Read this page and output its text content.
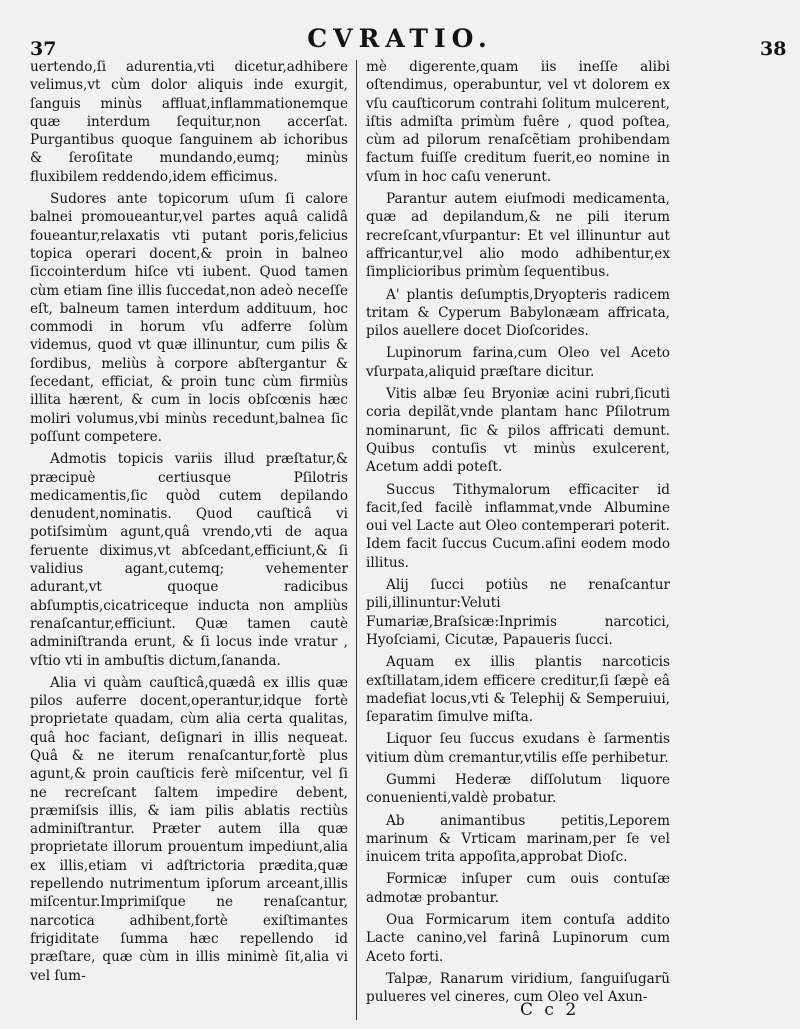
37	CVRATIO.	38

uertendo,ſi adurentia,vti dicetur,adhibere velimus,vt cùm dolor aliquis inde exurgit, ſanguis minùs affluat,inflammationemque quæ interdum ſequitur,non accerſat. Purgantibus quoque ſanguinem ab ichoribus & ſeroſitate mundando,eumq; minùs fluxibilem reddendo,idem efficimus.

Sudores ante topicorum uſum ſi calore balnei promoueantur,vel partes aquâ calidâ foueantur,relaxatis vti putant poris,felicius topica operari docent,& proin in balneo ſiccointerdum hiſce vti iubent. Quod tamen cùm etiam ſine illis ſuccedat,non adeò neceſſe eſt, balneum tamen interdum addituum, hoc commodi in horum vſu adferre ſolùm videmus, quod vt quæ illinuntur, cum pilis & ſordibus, meliùs à corpore abſtergantur & ſecedant, efficiat, & proin tunc cùm firmiùs illita hærent, & cum in locis obſcœnis hæc moliri volumus,vbi minùs recedunt,balnea ſic poſſunt competere.

Admotis topicis variis illud præſtatur,& præcipuè certiusque Pſilotris medicamentis,ſic quòd cutem depilando denudent,nominatis. Quod cauſticâ vi potiſsimùm agunt,quâ vrendo,vti de aqua feruente diximus,vt abſcedant,efficiunt,& ſi validius agant,cutemq; vehementer adurant,vt quoque radicibus abſumptis,cicatriceque inducta non ampliùs renaſcantur,efficiunt. Quæ tamen cautè adminiſtranda erunt, & ſi locus inde vratur , vſtio vti in ambuſtis dictum,ſananda.

Alia vi quàm cauſticâ,quædâ ex illis quæ pilos auferre docent,operantur,idque fortè proprietate quadam, cùm alia certa qualitas, quâ hoc faciant, deſignari in illis nequeat. Quâ & ne iterum renaſcantur,fortè plus agunt,& proin cauſticis ferè miſcentur, vel ſi ne recreſcant ſaltem impedire debent, præmiſsis illis, & iam pilis ablatis rectiùs adminiſtrantur. Præter autem illa quæ proprietate illorum prouentum impediunt,alia ex illis,etiam vi adſtrictoria prædita,quæ repellendo nutrimentum ipſorum arceant,illis miſcentur.Imprimiſque ne renaſcantur, narcotica adhibent,fortè exiſtimantes frigiditate ſumma hæc repellendo id præſtare, quæ cùm in illis minimè ſit,alia vi vel ſum-

mè digerente,quam iis ineſſe alibi oſtendimus, operabuntur, vel vt dolorem ex vſu cauſticorum contrahi ſolitum mulcerent, iſtis admiſta primùm fuêre , quod poſtea, cùm ad pilorum renaſcẽtiam prohibendam factum fuiſſe creditum fuerit,eo nomine in vſum in hoc caſu venerunt.

Parantur autem eiuſmodi medicamenta, quæ ad depilandum,& ne pili iterum recreſcant,vſurpantur: Et vel illinuntur aut affricantur,vel alio modo adhibentur,ex ſimplicioribus primùm ſequentibus.

A' plantis deſumptis,Dryopteris radicem tritam & Cyperum Babylonæam affricata, pilos auellere docet Dioſcorides.

Lupinorum farina,cum Oleo vel Aceto vſurpata,aliquid præſtare dicitur.

Vitis albæ ſeu Bryoniæ acini rubri,ſicuti coria depilãt,vnde plantam hanc Pſilotrum nominarunt, ſic & pilos affricati demunt. Quibus contuſis vt minùs exulcerent, Acetum addi poteſt.

Succus Tithymalorum efficaciter id facit,ſed facilè inflammat,vnde Albumine oui vel Lacte aut Oleo contemperari poterit. Idem facit ſuccus Cucum.aſini eodem modo illitus.

Alij ſucci potiùs ne renaſcantur pili,illinuntur:Veluti Fumariæ,Braſsicæ:Inprimis narcotici, Hyoſciami, Cicutæ, Papaueris ſucci.

Aquam ex illis plantis narcoticis exſtillatam,idem efficere creditur,ſi ſæpè eâ madefiat locus,vti & Telephij & Semperuiui, ſeparatim ſimulve miſta.

Liquor ſeu ſuccus exudans è ſarmentis vitium dùm cremantur,vtilis eſſe perhibetur.

Gummi Hederæ diſſolutum liquore conuenienti,valdè probatur.

Ab animantibus petitis,Leporem marinum & Vrticam marinam,per ſe vel inuicem trita appoſita,approbat Dioſc.

Formicæ inſuper cum ouis contuſæ admotæ probantur.

Oua Formicarum item contuſa addito Lacte canino,vel farinâ Lupinorum cum Aceto forti.

Talpæ, Ranarum viridium, ſanguiſugarũ pulueres vel cineres, cum Oleo vel Axun-

C c 2
